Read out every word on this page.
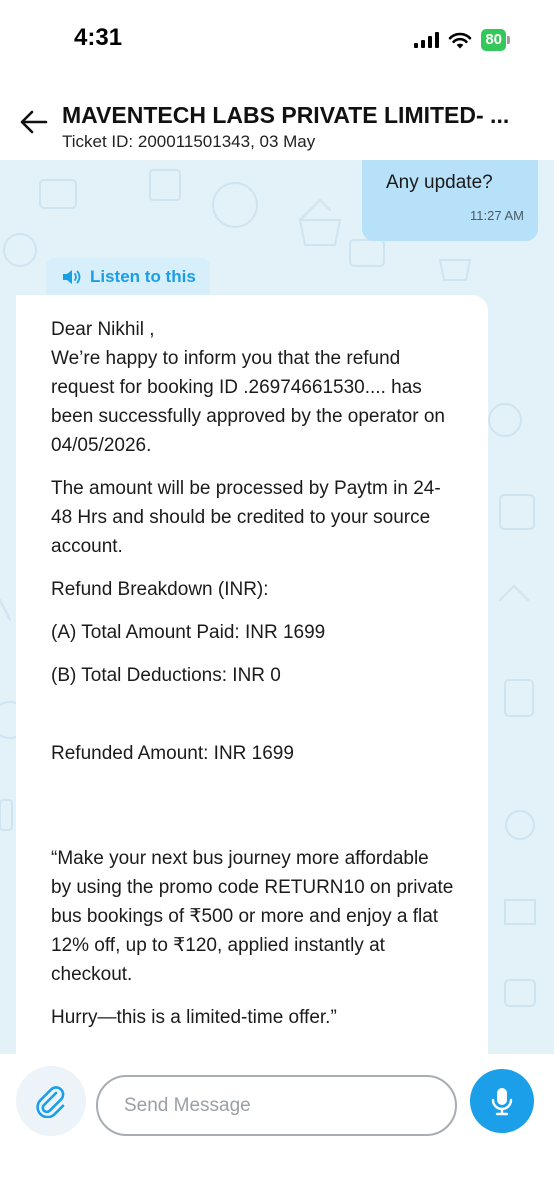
4:31	80
MAVENTECH LABS PRIVATE LIMITED- ...
Ticket ID: 200011501343, 03 May
Any update?
11:27 AM
Listen to this

Dear Nikhil ,
We’re happy to inform you that the refund request for booking ID .26974661530.... has been successfully approved by the operator on 04/05/2026.

The amount will be processed by Paytm in 24-48 Hrs and should be credited to your source account.

Refund Breakdown (INR):

(A) Total Amount Paid: INR 1699

(B) Total Deductions: INR 0

Refunded Amount: INR 1699

“Make your next bus journey more affordable by using the promo code RETURN10 on private bus bookings of ₹500 or more and enjoy a flat 12% off, up to ₹120, applied instantly at checkout.

Hurry—this is a limited-time offer.”

Send Message
